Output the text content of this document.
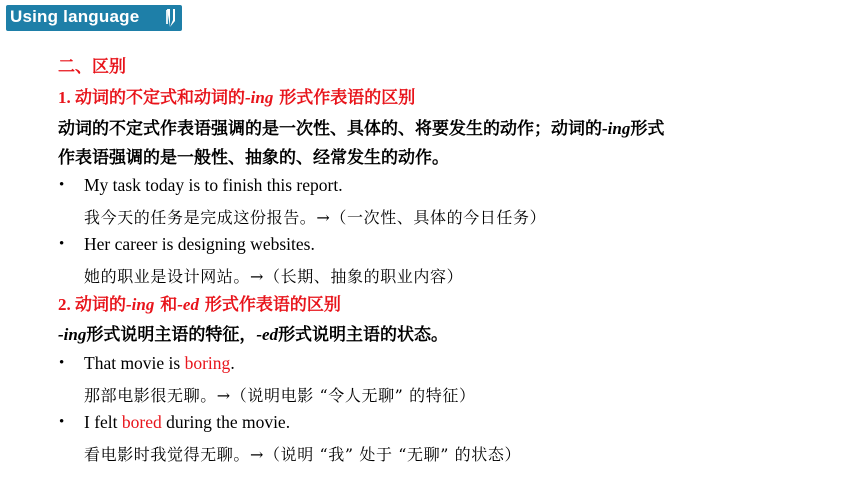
Using language
二、区别
1. 动词的不定式和动词的-ing 形式作表语的区别
动词的不定式作表语强调的是一次性、具体的、将要发生的动作；动词的-ing形式
作表语强调的是一般性、抽象的、经常发生的动作。
• My task today is to finish this report.
我今天的任务是完成这份报告。→（一次性、具体的今日任务）
• Her career is designing websites.
她的职业是设计网站。→（长期、抽象的职业内容）
2. 动词的-ing 和-ed 形式作表语的区别
-ing形式说明主语的特征，-ed形式说明主语的状态。
• That movie is boring.
那部电影很无聊。→（说明电影 “令人无聊” 的特征）
• I felt bored during the movie.
看电影时我觉得无聊。→（说明 “我” 处于 “无聊” 的状态）
